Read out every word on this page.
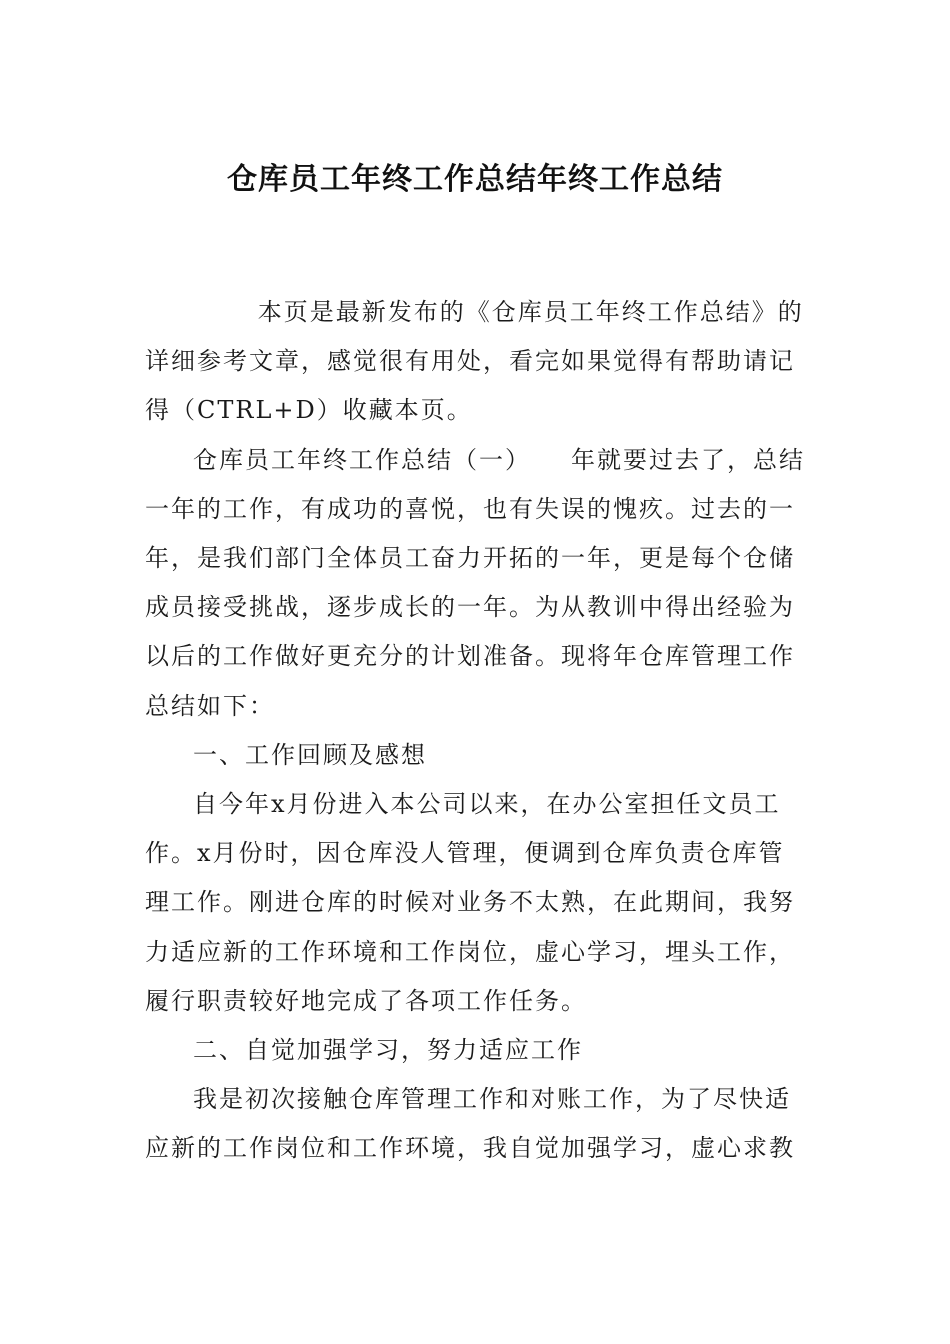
仓库员工年终工作总结年终工作总结

本页是最新发布的《仓库员工年终工作总结》的详细参考文章，感觉很有用处，看完如果觉得有帮助请记得（CTRL+D）收藏本页。

仓库员工年终工作总结（一）　　年就要过去了，总结一年的工作，有成功的喜悦，也有失误的愧疚。过去的一年，是我们部门全体员工奋力开拓的一年，更是每个仓储成员接受挑战，逐步成长的一年。为从教训中得出经验为以后的工作做好更充分的计划准备。现将年仓库管理工作总结如下：

一、工作回顾及感想

自今年x月份进入本公司以来，在办公室担任文员工作。x月份时，因仓库没人管理，便调到仓库负责仓库管理工作。刚进仓库的时候对业务不太熟，在此期间，我努力适应新的工作环境和工作岗位，虚心学习，埋头工作，履行职责较好地完成了各项工作任务。

二、自觉加强学习，努力适应工作

我是初次接触仓库管理工作和对账工作，为了尽快适应新的工作岗位和工作环境，我自觉加强学习，虚心求教
